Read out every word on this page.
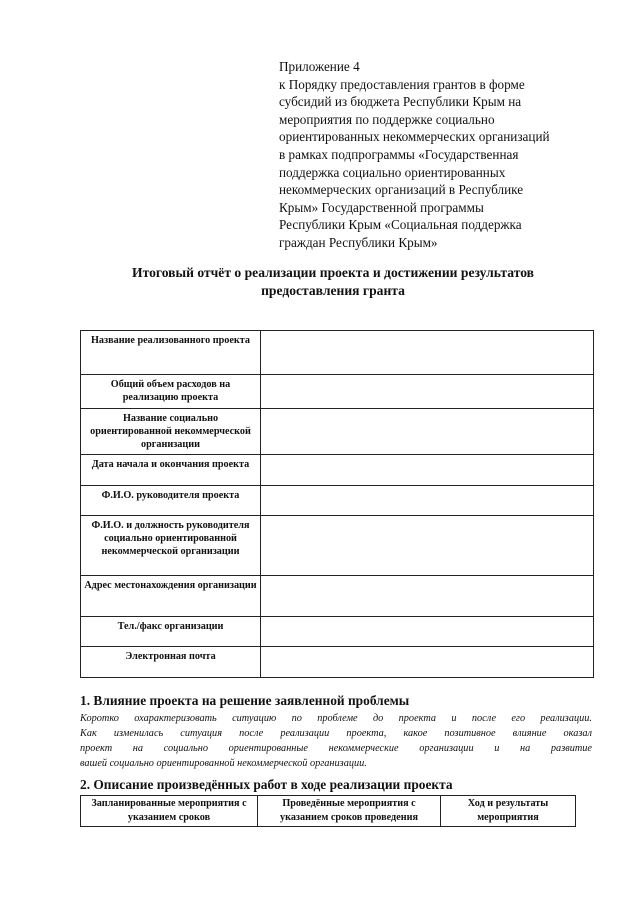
Приложение 4
к Порядку предоставления грантов в форме
субсидий из бюджета Республики Крым на
мероприятия по поддержке социально
ориентированных некоммерческих организаций
в рамках подпрограммы «Государственная
поддержка социально ориентированных
некоммерческих организаций в Республике
Крым» Государственной программы
Республики Крым «Социальная поддержка
граждан Республики Крым»
Итоговый отчёт о реализации проекта и достижении результатов
предоставления гранта
Название реализованного проекта	
Общий объем расходов на реализацию проекта	
Название социально ориентированной некоммерческой организации	
Дата начала и окончания проекта	
Ф.И.О. руководителя проекта	
Ф.И.О. и должность руководителя социально ориентированной некоммерческой организации	
Адрес местонахождения организации	
Тел./факс организации	
Электронная почта	
1. Влияние проекта на решение заявленной проблемы
Коротко охарактеризовать ситуацию по проблеме до проекта и после его реализации.
Как изменилась ситуация после реализации проекта, какое позитивное влияние оказал
проект на социально ориентированные некоммерческие организации и на развитие
вашей социально ориентированной некоммерческой организации.
2. Описание произведённых работ в ходе реализации проекта
Запланированные мероприятия с указанием сроков	Проведённые мероприятия с указанием сроков проведения	Ход и результаты мероприятия
